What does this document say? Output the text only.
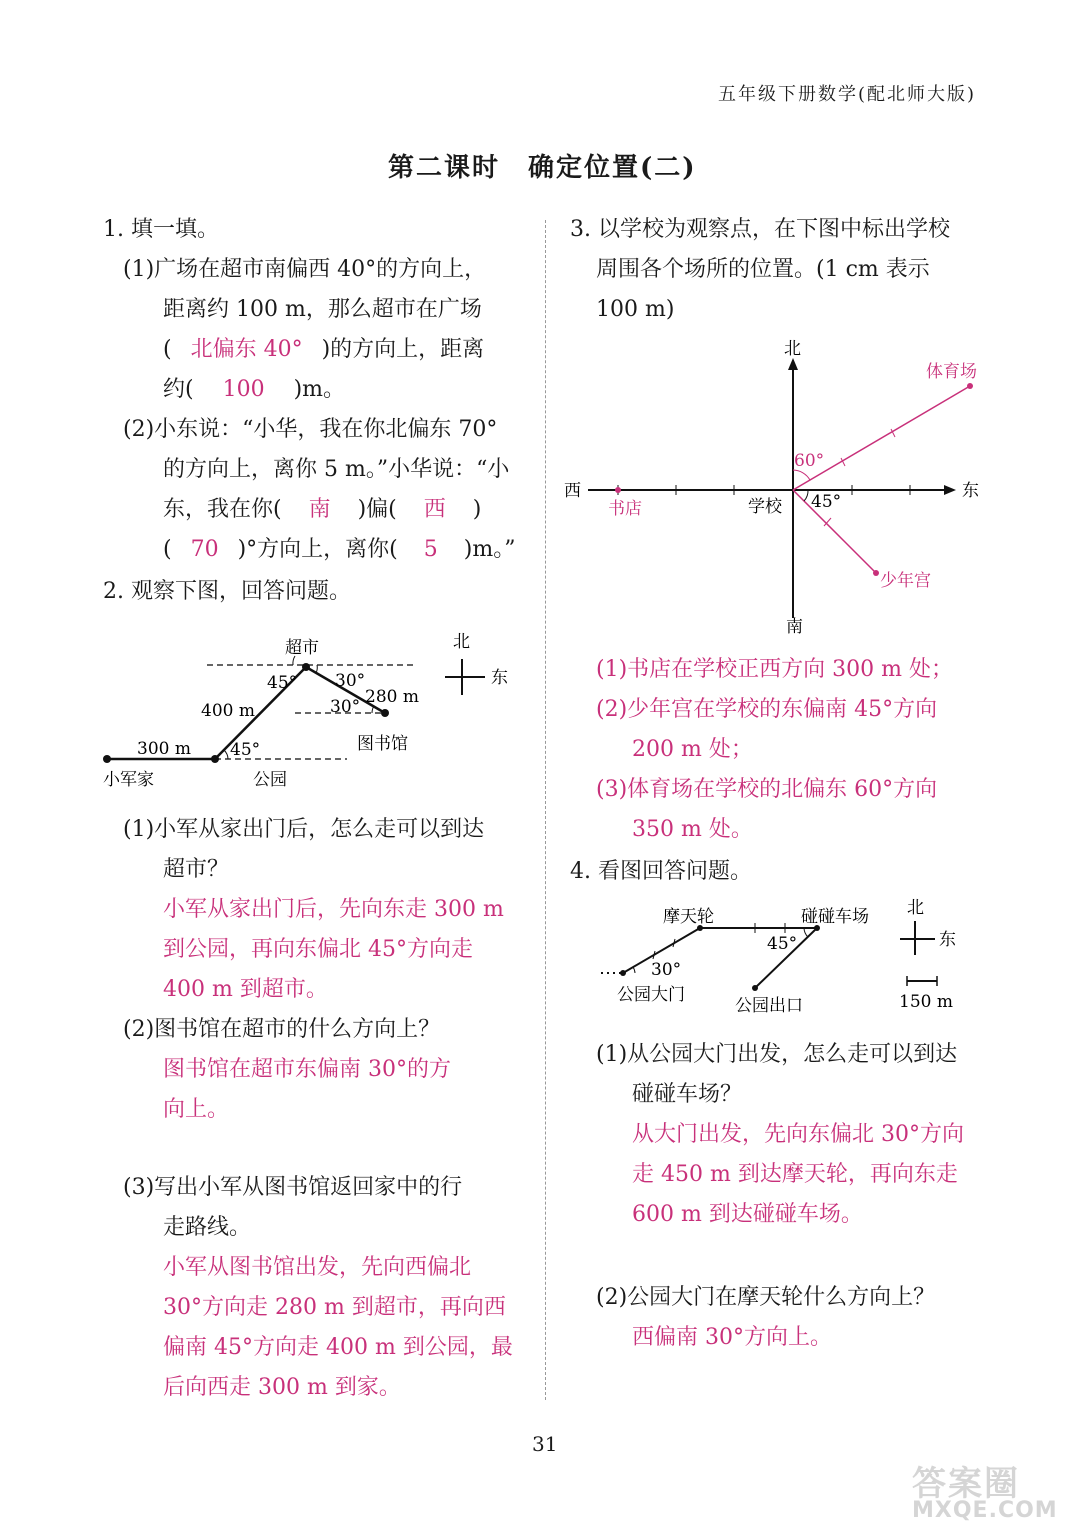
五年级下册数学(配北师大版)
第二课时　确定位置(二)
1. 填一填。
(1)广场在超市南偏西 40°的方向上，
距离约 100 m，那么超市在广场
( 北偏东 40° )的方向上，距离
约( 100 )m。
(2)小东说：“小华，我在你北偏东 70°
的方向上，离你 5 m。”小华说：“小
东，我在你( 南 )偏( 西 )
( 70 )°方向上，离你( 5 )m。”
2. 观察下图，回答问题。
超市
图书馆
小军家	公园
300 m
400 m
280 m
45° 30°
30°
45°
北
东
(1)小军从家出门后，怎么走可以到达
超市？
小军从家出门后，先向东走 300 m
到公园，再向东偏北 45°方向走
400 m 到超市。
(2)图书馆在超市的什么方向上？
图书馆在超市东偏南 30°的方
向上。
(3)写出小军从图书馆返回家中的行
走路线。
小军从图书馆出发，先向西偏北
30°方向走 280 m 到超市，再向西
偏南 45°方向走 400 m 到公园，最
后向西走 300 m 到家。
3. 以学校为观察点，在下图中标出学校
周围各个场所的位置。(1 cm 表示
100 m)
北
南
西	东
学校
书店
体育场
少年宫
60°
45°
(1)书店在学校正西方向 300 m 处；
(2)少年宫在学校的东偏南 45°方向
200 m 处；
(3)体育场在学校的北偏东 60°方向
350 m 处。
4. 看图回答问题。
摩天轮	碰碰车场
公园大门
公园出口
45°
30°
北
东
150 m
(1)从公园大门出发，怎么走可以到达
碰碰车场？
从大门出发，先向东偏北 30°方向
走 450 m 到达摩天轮，再向东走
600 m 到达碰碰车场。
(2)公园大门在摩天轮什么方向上？
西偏南 30°方向上。
31
答案圈
MXQE.COM
